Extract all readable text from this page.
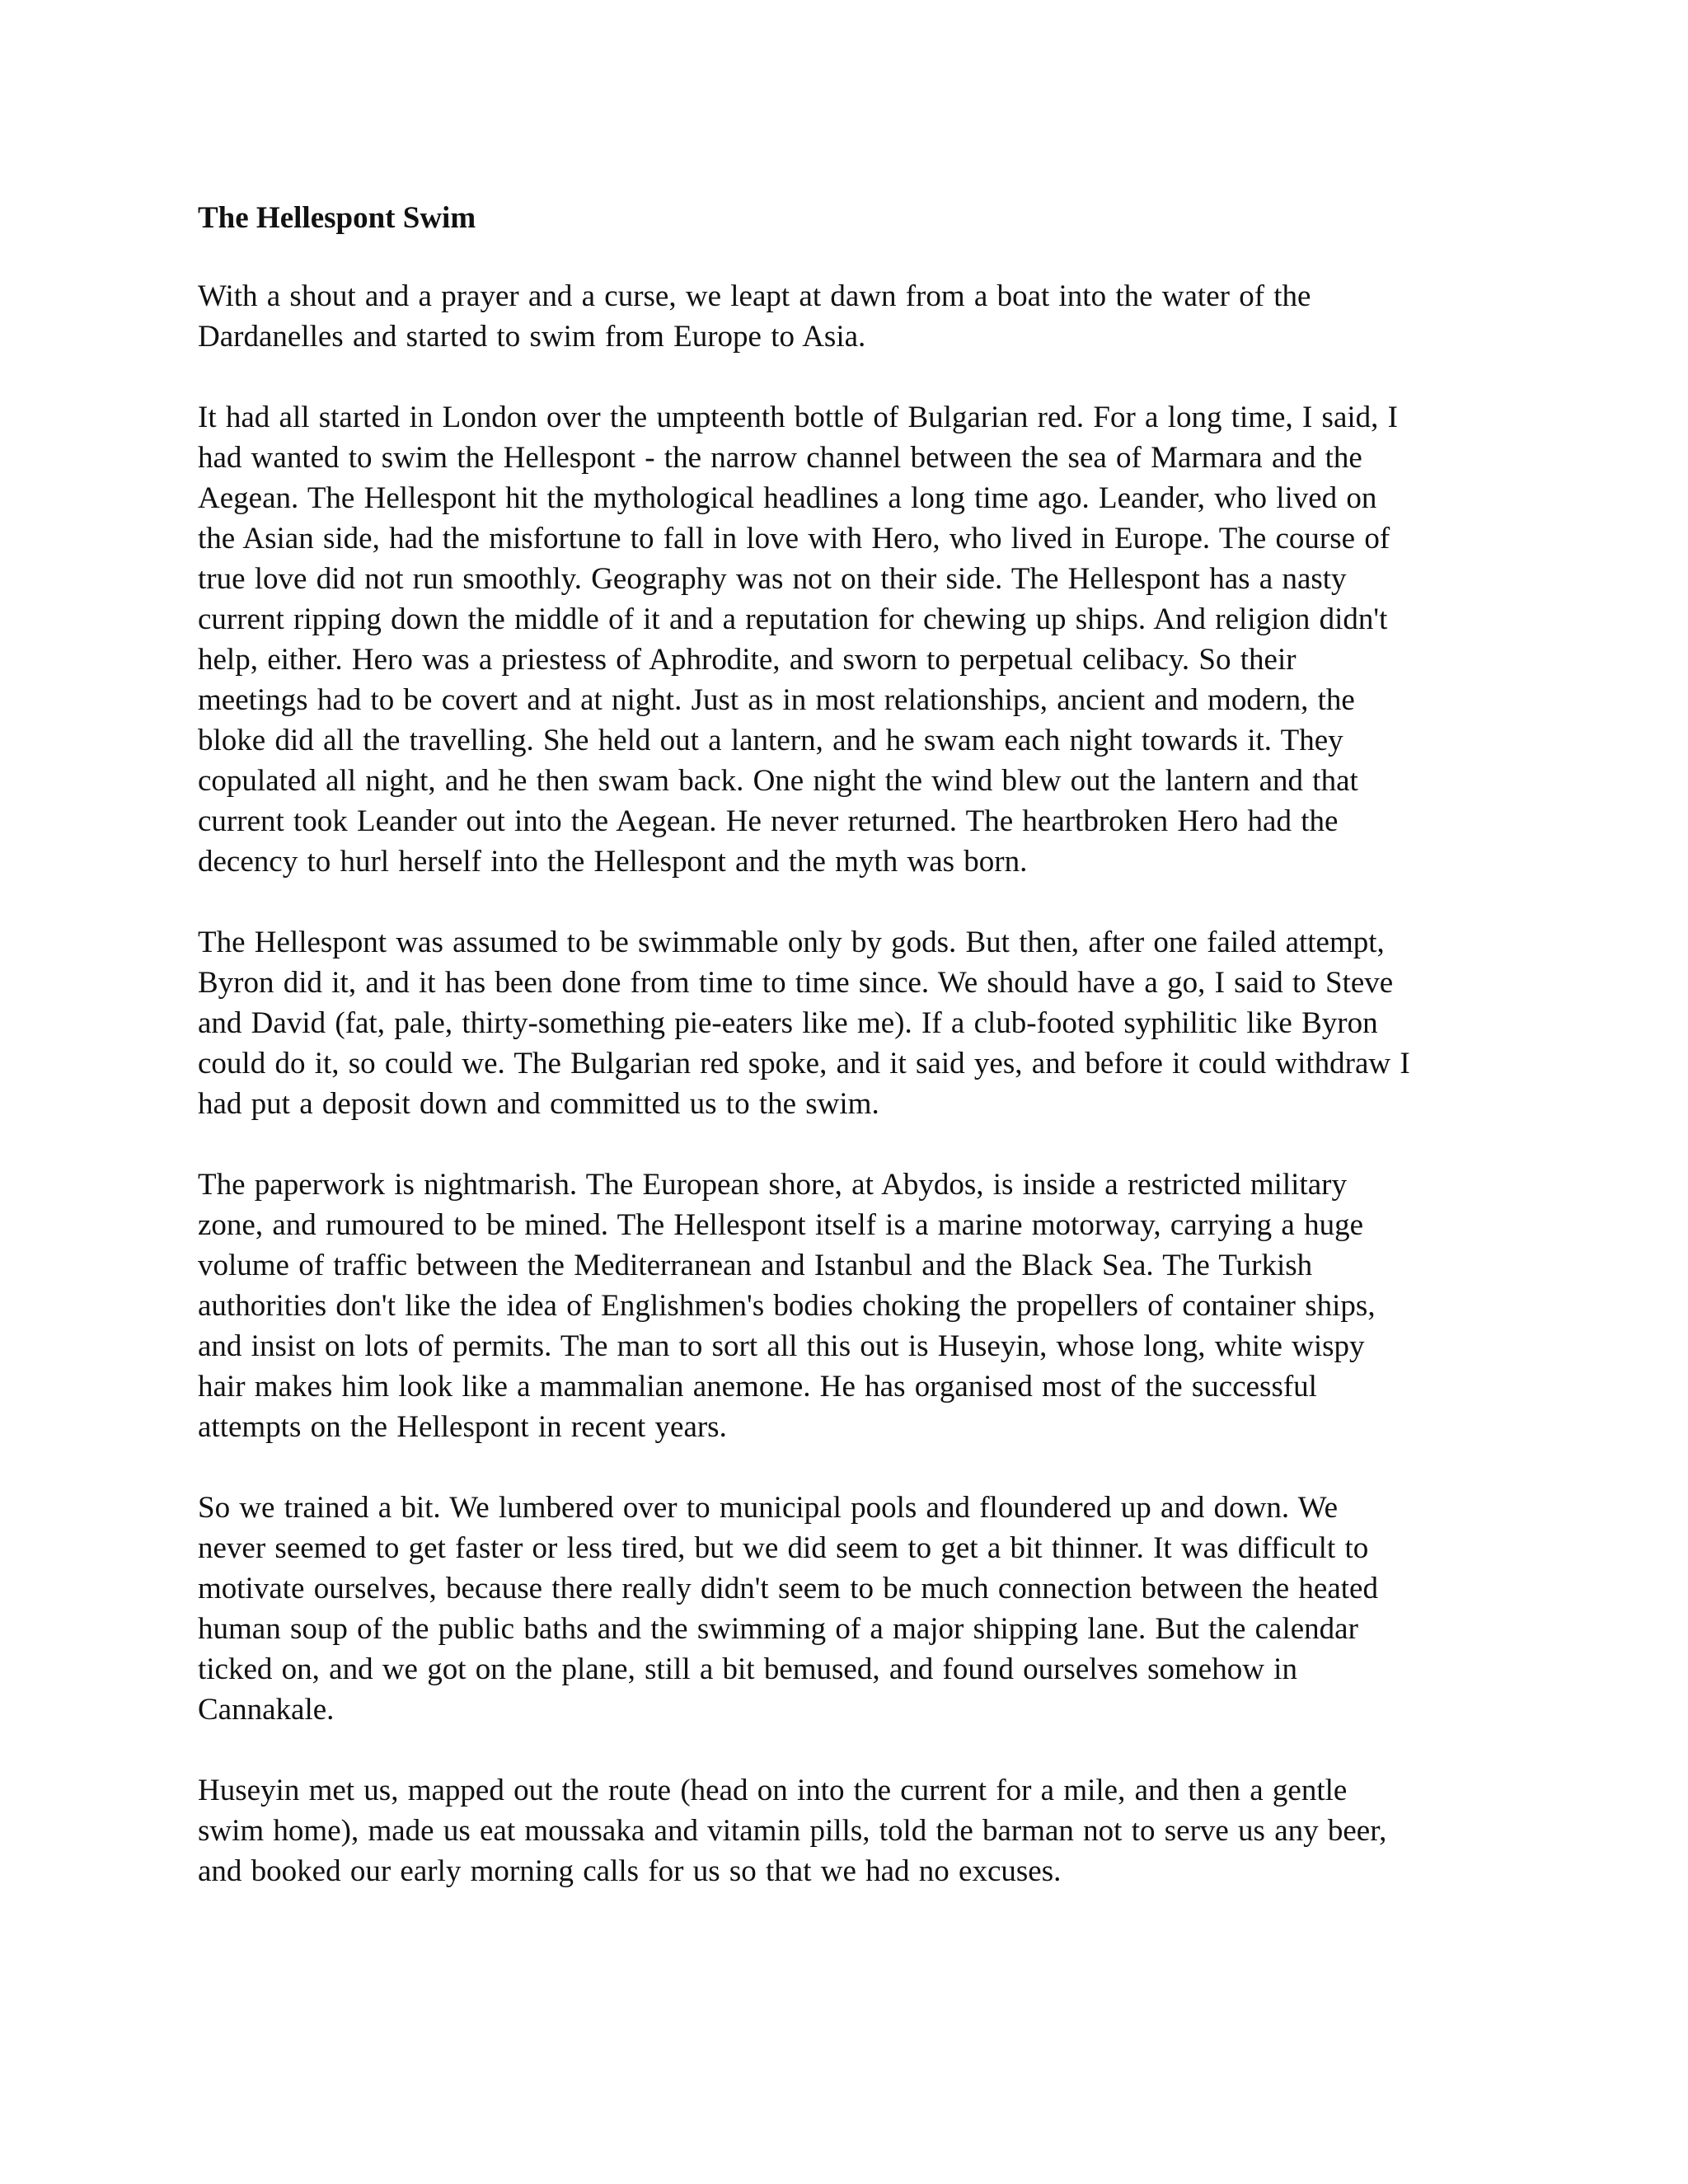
The Hellespont Swim
With a shout and a prayer and a curse, we leapt at dawn from a boat into the water of the
Dardanelles and started to swim from Europe to Asia.
It had all started in London over the umpteenth bottle of Bulgarian red. For a long time, I said, I
had wanted to swim the Hellespont - the narrow channel between the sea of Marmara and the
Aegean. The Hellespont hit the mythological headlines a long time ago. Leander, who lived on
the Asian side, had the misfortune to fall in love with Hero, who lived in Europe. The course of
true love did not run smoothly. Geography was not on their side. The Hellespont has a nasty
current ripping down the middle of it and a reputation for chewing up ships. And religion didn't
help, either. Hero was a priestess of Aphrodite, and sworn to perpetual celibacy. So their
meetings had to be covert and at night. Just as in most relationships, ancient and modern, the
bloke did all the travelling. She held out a lantern, and he swam each night towards it. They
copulated all night, and he then swam back. One night the wind blew out the lantern and that
current took Leander out into the Aegean. He never returned. The heartbroken Hero had the
decency to hurl herself into the Hellespont and the myth was born.
The Hellespont was assumed to be swimmable only by gods. But then, after one failed attempt,
Byron did it, and it has been done from time to time since. We should have a go, I said to Steve
and David (fat, pale, thirty-something pie-eaters like me). If a club-footed syphilitic like Byron
could do it, so could we. The Bulgarian red spoke, and it said yes, and before it could withdraw I
had put a deposit down and committed us to the swim.
The paperwork is nightmarish. The European shore, at Abydos, is inside a restricted military
zone, and rumoured to be mined. The Hellespont itself is a marine motorway, carrying a huge
volume of traffic between the Mediterranean and Istanbul and the Black Sea. The Turkish
authorities don't like the idea of Englishmen's bodies choking the propellers of container ships,
and insist on lots of permits. The man to sort all this out is Huseyin, whose long, white wispy
hair makes him look like a mammalian anemone. He has organised most of the successful
attempts on the Hellespont in recent years.
So we trained a bit. We lumbered over to municipal pools and floundered up and down. We
never seemed to get faster or less tired, but we did seem to get a bit thinner. It was difficult to
motivate ourselves, because there really didn't seem to be much connection between the heated
human soup of the public baths and the swimming of a major shipping lane. But the calendar
ticked on, and we got on the plane, still a bit bemused, and found ourselves somehow in
Cannakale.
Huseyin met us, mapped out the route (head on into the current for a mile, and then a gentle
swim home), made us eat moussaka and vitamin pills, told the barman not to serve us any beer,
and booked our early morning calls for us so that we had no excuses.
